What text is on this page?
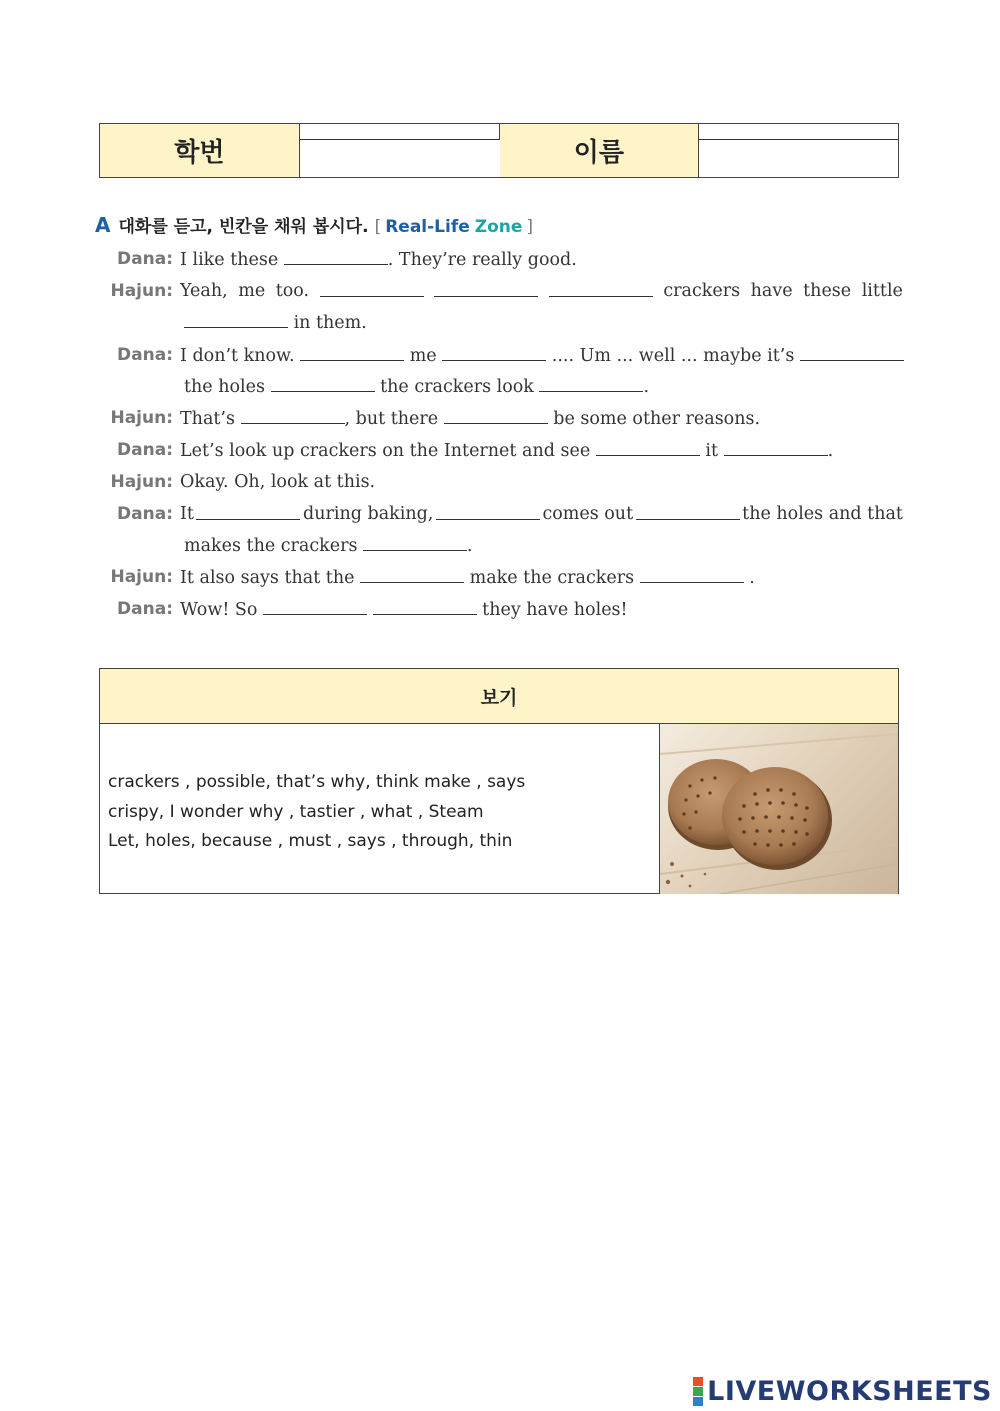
학번	이름
A 대화를 듣고, 빈칸을 채워 봅시다. [ Real-Life Zone ]
Dana: I like these	. They’re really good.
Hajun: Yeah, me too.	crackers have these little
in them.
Dana: I don’t know.	me	.... Um ... well ... maybe it’s
the holes	the crackers look	.
Hajun: That’s	, but there	be some other reasons.
Dana: Let’s look up crackers on the Internet and see	it	.
Hajun: Okay. Oh, look at this.
Dana: It	during baking,	comes out	the holes and that
makes the crackers	.
Hajun: It also says that the	make the crackers	.
Dana: Wow! So	they have holes!
보기
crackers , possible, that’s why, think make , says
crispy, I wonder why , tastier , what , Steam
Let, holes, because , must , says , through, thin
LIVEWORKSHEETS
